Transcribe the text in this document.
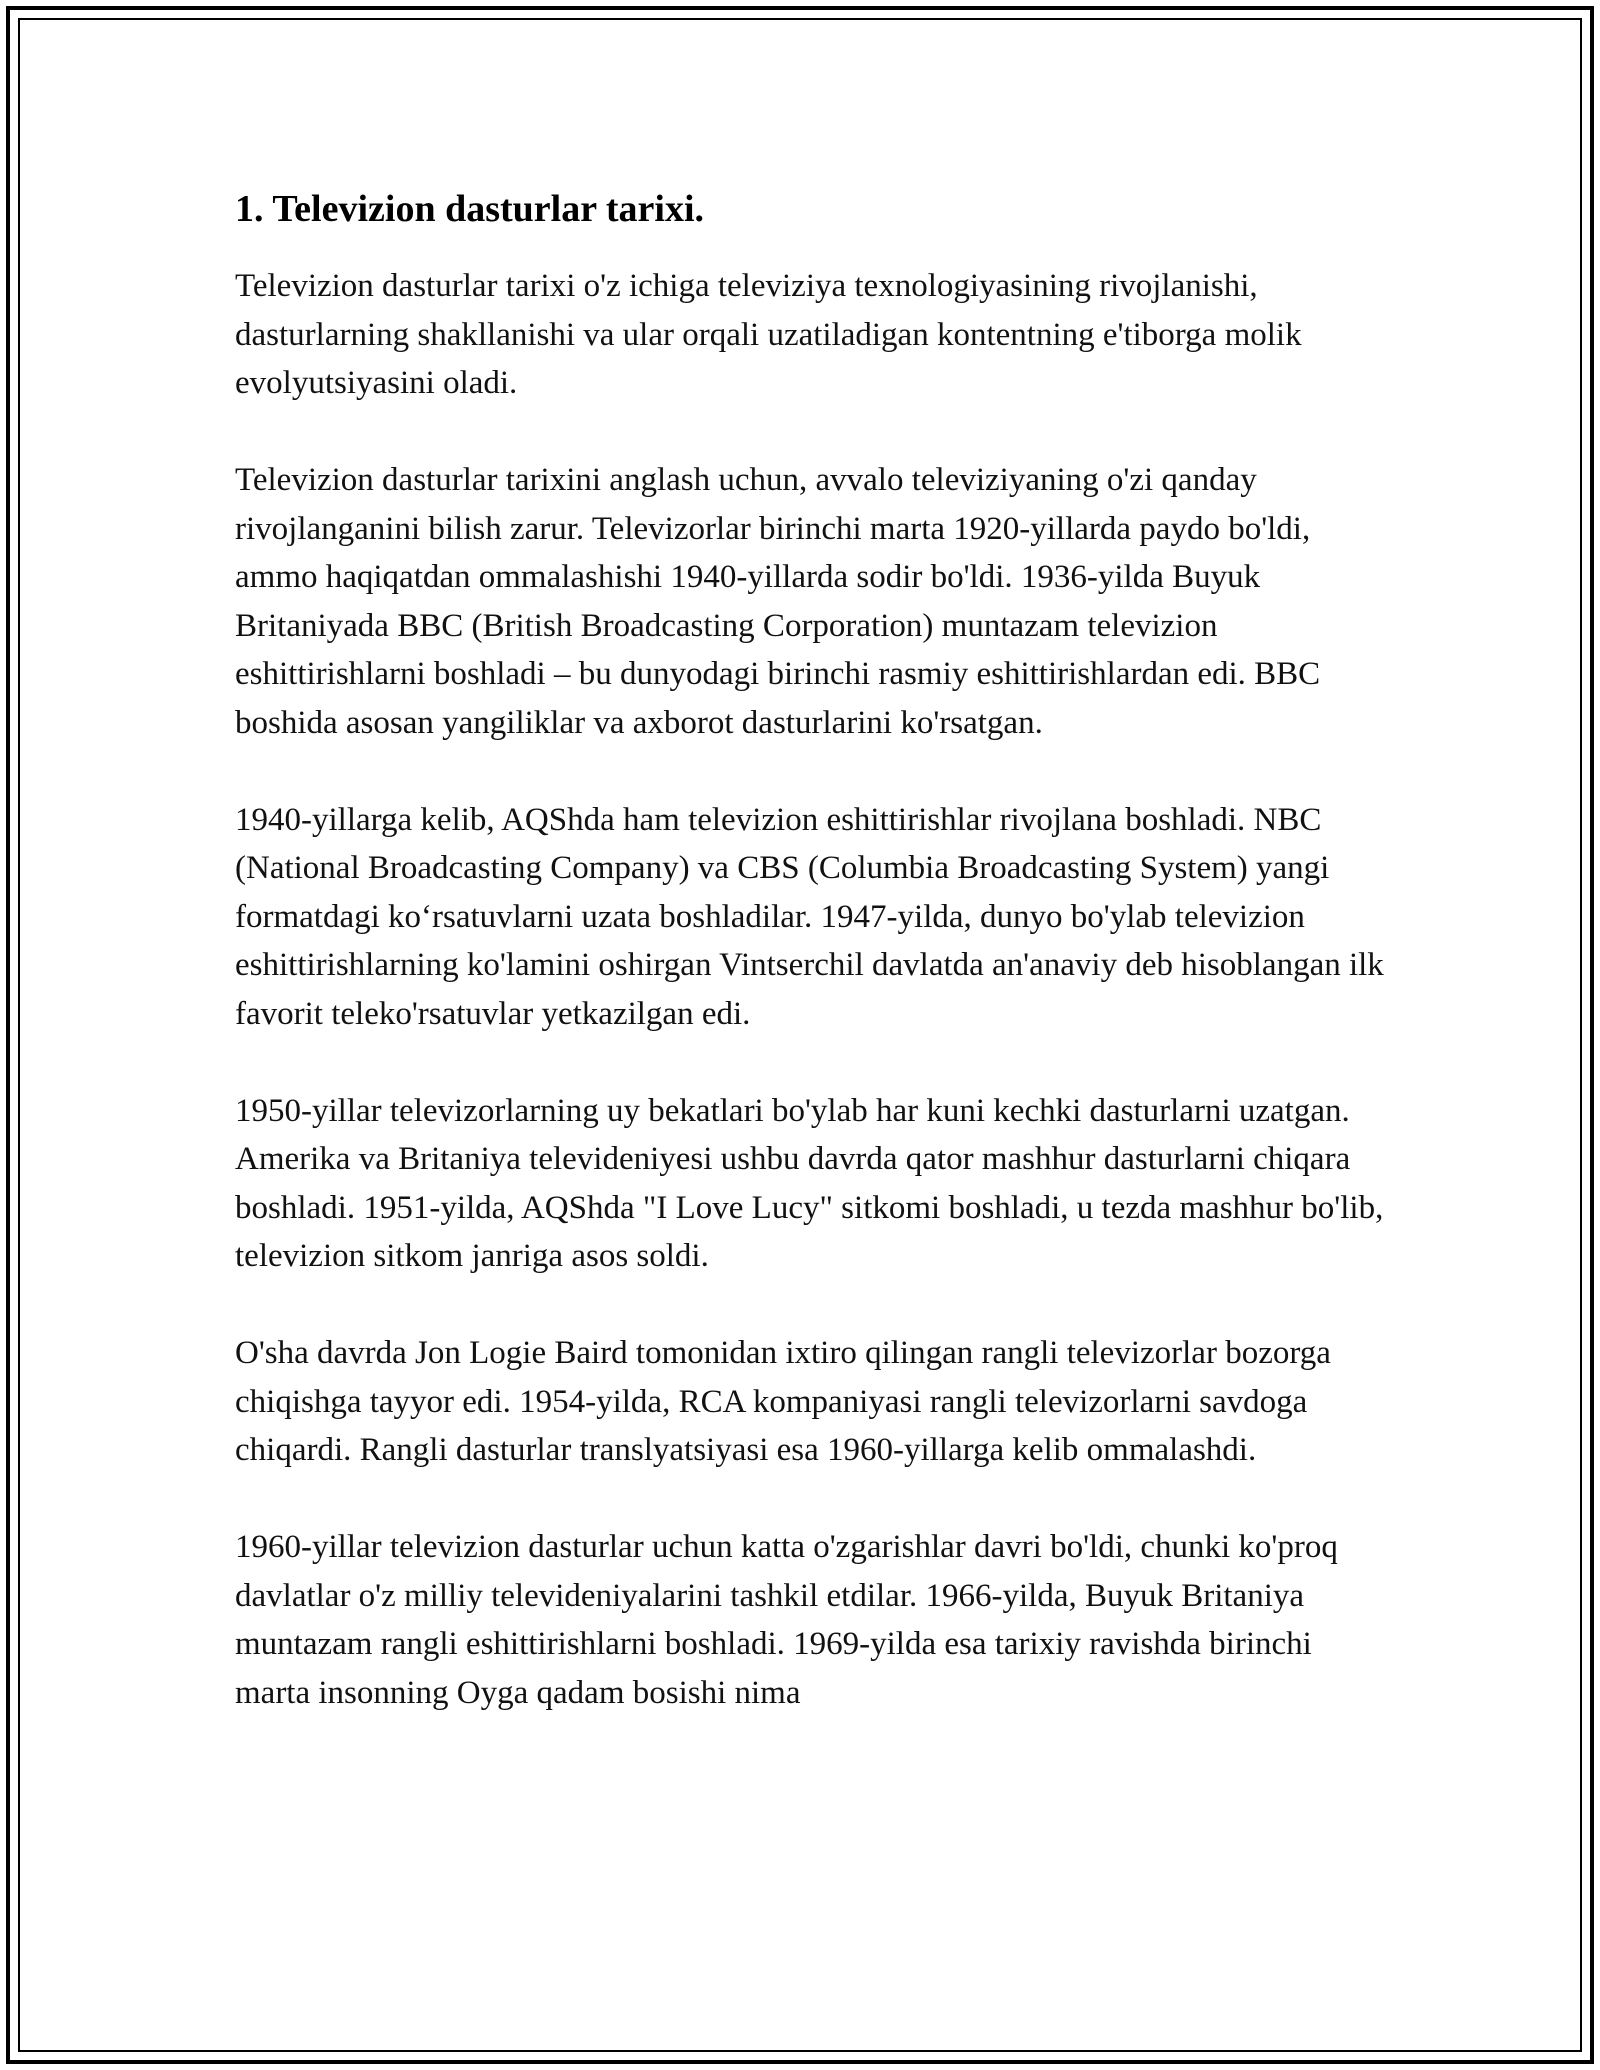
1. Televizion dasturlar tarixi.

Televizion dasturlar tarixi o'z ichiga televiziya texnologiyasining rivojlanishi, dasturlarning shakllanishi va ular orqali uzatiladigan kontentning e'tiborga molik evolyutsiyasini oladi.

Televizion dasturlar tarixini anglash uchun, avvalo televiziyaning o'zi qanday rivojlanganini bilish zarur. Televizorlar birinchi marta 1920-yillarda paydo bo'ldi, ammo haqiqatdan ommalashishi 1940-yillarda sodir bo'ldi. 1936-yilda Buyuk Britaniyada BBC (British Broadcasting Corporation) muntazam televizion eshittirishlarni boshladi – bu dunyodagi birinchi rasmiy eshittirishlardan edi. BBC boshida asosan yangiliklar va axborot dasturlarini ko'rsatgan.

1940-yillarga kelib, AQShda ham televizion eshittirishlar rivojlana boshladi. NBC (National Broadcasting Company) va CBS (Columbia Broadcasting System) yangi formatdagi ko‘rsatuvlarni uzata boshladilar. 1947-yilda, dunyo bo'ylab televizion eshittirishlarning ko'lamini oshirgan Vintserchil davlatda an'anaviy deb hisoblangan ilk favorit teleko'rsatuvlar yetkazilgan edi.

1950-yillar televizorlarning uy bekatlari bo'ylab har kuni kechki dasturlarni uzatgan. Amerika va Britaniya televideniyesi ushbu davrda qator mashhur dasturlarni chiqara boshladi. 1951-yilda, AQShda "I Love Lucy" sitkomi boshladi, u tezda mashhur bo'lib, televizion sitkom janriga asos soldi.

O'sha davrda Jon Logie Baird tomonidan ixtiro qilingan rangli televizorlar bozorga chiqishga tayyor edi. 1954-yilda, RCA kompaniyasi rangli televizorlarni savdoga chiqardi. Rangli dasturlar translyatsiyasi esa 1960-yillarga kelib ommalashdi.

1960-yillar televizion dasturlar uchun katta o'zgarishlar davri bo'ldi, chunki ko'proq davlatlar o'z milliy televideniyalarini tashkil etdilar. 1966-yilda, Buyuk Britaniya muntazam rangli eshittirishlarni boshladi. 1969-yilda esa tarixiy ravishda birinchi marta insonning Oyga qadam bosishi nima
